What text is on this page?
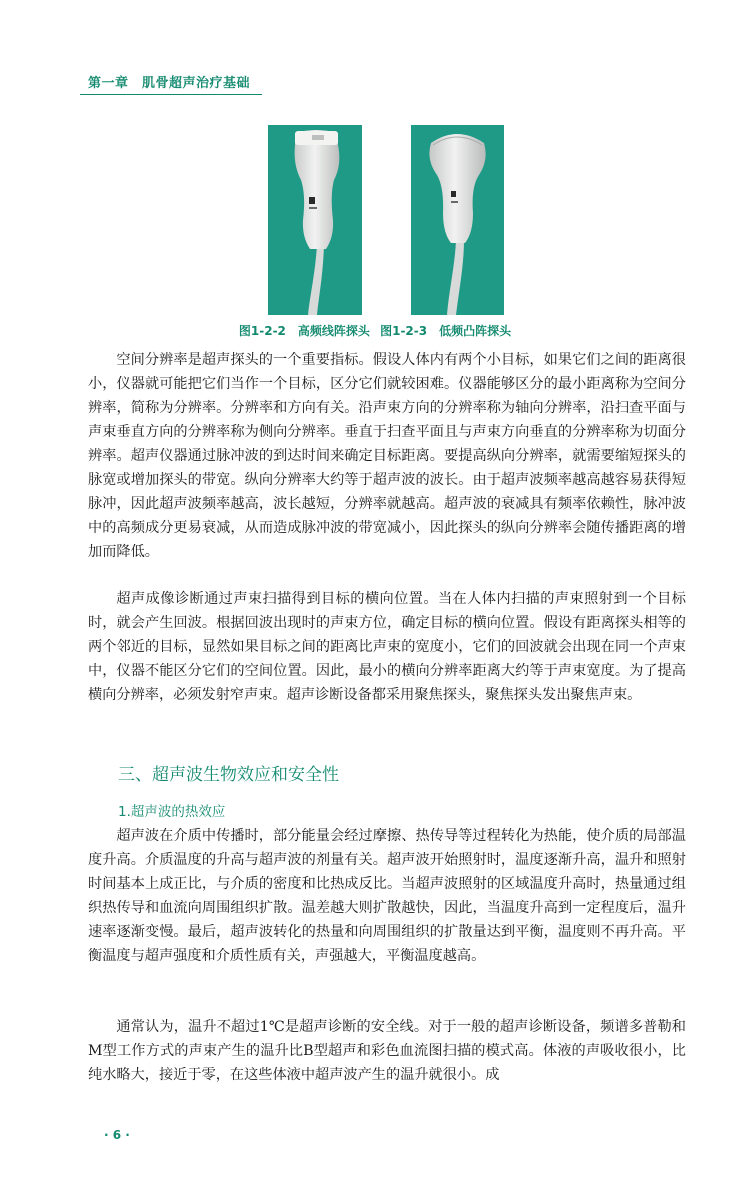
第一章　肌骨超声治疗基础
图1-2-2　高频线阵探头 图1-2-3　低频凸阵探头

空间分辨率是超声探头的一个重要指标。假设人体内有两个小目标，如果它们之间的距离很小，仪器就可能把它们当作一个目标，区分它们就较困难。仪器能够区分的最小距离称为空间分辨率，简称为分辨率。分辨率和方向有关。沿声束方向的分辨率称为轴向分辨率，沿扫查平面与声束垂直方向的分辨率称为侧向分辨率。垂直于扫查平面且与声束方向垂直的分辨率称为切面分辨率。超声仪器通过脉冲波的到达时间来确定目标距离。要提高纵向分辨率，就需要缩短探头的脉宽或增加探头的带宽。纵向分辨率大约等于超声波的波长。由于超声波频率越高越容易获得短脉冲，因此超声波频率越高，波长越短，分辨率就越高。超声波的衰减具有频率依赖性，脉冲波中的高频成分更易衰减，从而造成脉冲波的带宽减小，因此探头的纵向分辨率会随传播距离的增加而降低。

超声成像诊断通过声束扫描得到目标的横向位置。当在人体内扫描的声束照射到一个目标时，就会产生回波。根据回波出现时的声束方位，确定目标的横向位置。假设有距离探头相等的两个邻近的目标，显然如果目标之间的距离比声束的宽度小，它们的回波就会出现在同一个声束中，仪器不能区分它们的空间位置。因此，最小的横向分辨率距离大约等于声束宽度。为了提高横向分辨率，必须发射窄声束。超声诊断设备都采用聚焦探头，聚焦探头发出聚焦声束。

三、超声波生物效应和安全性
1.超声波的热效应

超声波在介质中传播时，部分能量会经过摩擦、热传导等过程转化为热能，使介质的局部温度升高。介质温度的升高与超声波的剂量有关。超声波开始照射时，温度逐渐升高，温升和照射时间基本上成正比，与介质的密度和比热成反比。当超声波照射的区域温度升高时，热量通过组织热传导和血流向周围组织扩散。温差越大则扩散越快，因此，当温度升高到一定程度后，温升速率逐渐变慢。最后，超声波转化的热量和向周围组织的扩散量达到平衡，温度则不再升高。平衡温度与超声强度和介质性质有关，声强越大，平衡温度越高。

通常认为，温升不超过1℃是超声诊断的安全线。对于一般的超声诊断设备，频谱多普勒和M型工作方式的声束产生的温升比B型超声和彩色血流图扫描的模式高。体液的声吸收很小，比纯水略大，接近于零，在这些体液中超声波产生的温升就很小。成

· 6 ·
